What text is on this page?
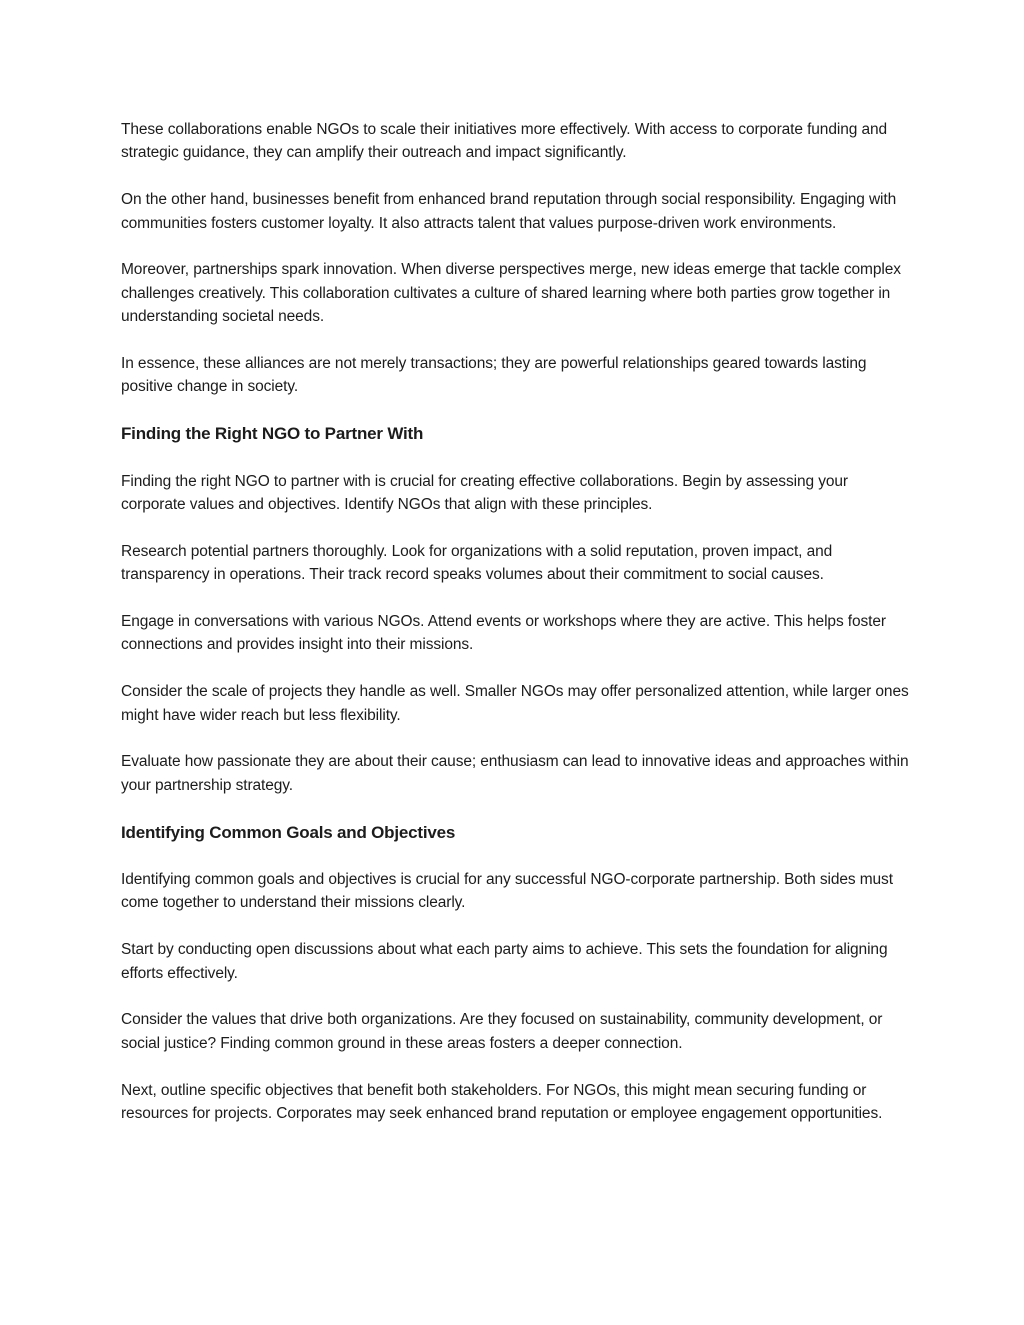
These collaborations enable NGOs to scale their initiatives more effectively. With access to corporate funding and strategic guidance, they can amplify their outreach and impact significantly.

On the other hand, businesses benefit from enhanced brand reputation through social responsibility. Engaging with communities fosters customer loyalty. It also attracts talent that values purpose-driven work environments.

Moreover, partnerships spark innovation. When diverse perspectives merge, new ideas emerge that tackle complex challenges creatively. This collaboration cultivates a culture of shared learning where both parties grow together in understanding societal needs.

In essence, these alliances are not merely transactions; they are powerful relationships geared towards lasting positive change in society.

Finding the Right NGO to Partner With

Finding the right NGO to partner with is crucial for creating effective collaborations. Begin by assessing your corporate values and objectives. Identify NGOs that align with these principles.

Research potential partners thoroughly. Look for organizations with a solid reputation, proven impact, and transparency in operations. Their track record speaks volumes about their commitment to social causes.

Engage in conversations with various NGOs. Attend events or workshops where they are active. This helps foster connections and provides insight into their missions.

Consider the scale of projects they handle as well. Smaller NGOs may offer personalized attention, while larger ones might have wider reach but less flexibility.

Evaluate how passionate they are about their cause; enthusiasm can lead to innovative ideas and approaches within your partnership strategy.

Identifying Common Goals and Objectives

Identifying common goals and objectives is crucial for any successful NGO-corporate partnership. Both sides must come together to understand their missions clearly.

Start by conducting open discussions about what each party aims to achieve. This sets the foundation for aligning efforts effectively.

Consider the values that drive both organizations. Are they focused on sustainability, community development, or social justice? Finding common ground in these areas fosters a deeper connection.

Next, outline specific objectives that benefit both stakeholders. For NGOs, this might mean securing funding or resources for projects. Corporates may seek enhanced brand reputation or employee engagement opportunities.
